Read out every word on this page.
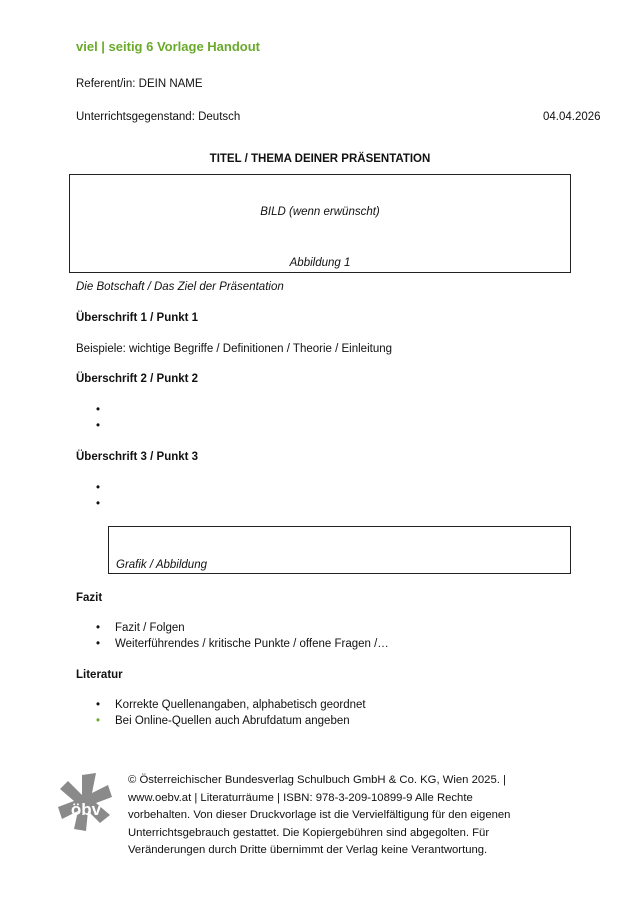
viel | seitig 6 Vorlage Handout
Referent/in: DEIN NAME
Unterrichtsgegenstand: Deutsch	04.04.2026
TITEL / THEMA DEINER PRÄSENTATION
BILD (wenn erwünscht)
Abbildung 1
Die Botschaft / Das Ziel der Präsentation
Überschrift 1 / Punkt 1
Beispiele: wichtige Begriffe / Definitionen / Theorie / Einleitung
Überschrift 2 / Punkt 2
Überschrift 3 / Punkt 3
Grafik / Abbildung
Fazit
Fazit / Folgen
Weiterführendes / kritische Punkte / offene Fragen /…
Literatur
Korrekte Quellenangaben, alphabetisch geordnet
Bei Online-Quellen auch Abrufdatum angeben
öbv
© Österreichischer Bundesverlag Schulbuch GmbH & Co. KG, Wien 2025. |
www.oebv.at | Literaturräume | ISBN: 978-3-209-10899-9 Alle Rechte
vorbehalten. Von dieser Druckvorlage ist die Vervielfältigung für den eigenen
Unterrichtsgebrauch gestattet. Die Kopiergebühren sind abgegolten. Für
Veränderungen durch Dritte übernimmt der Verlag keine Verantwortung.
